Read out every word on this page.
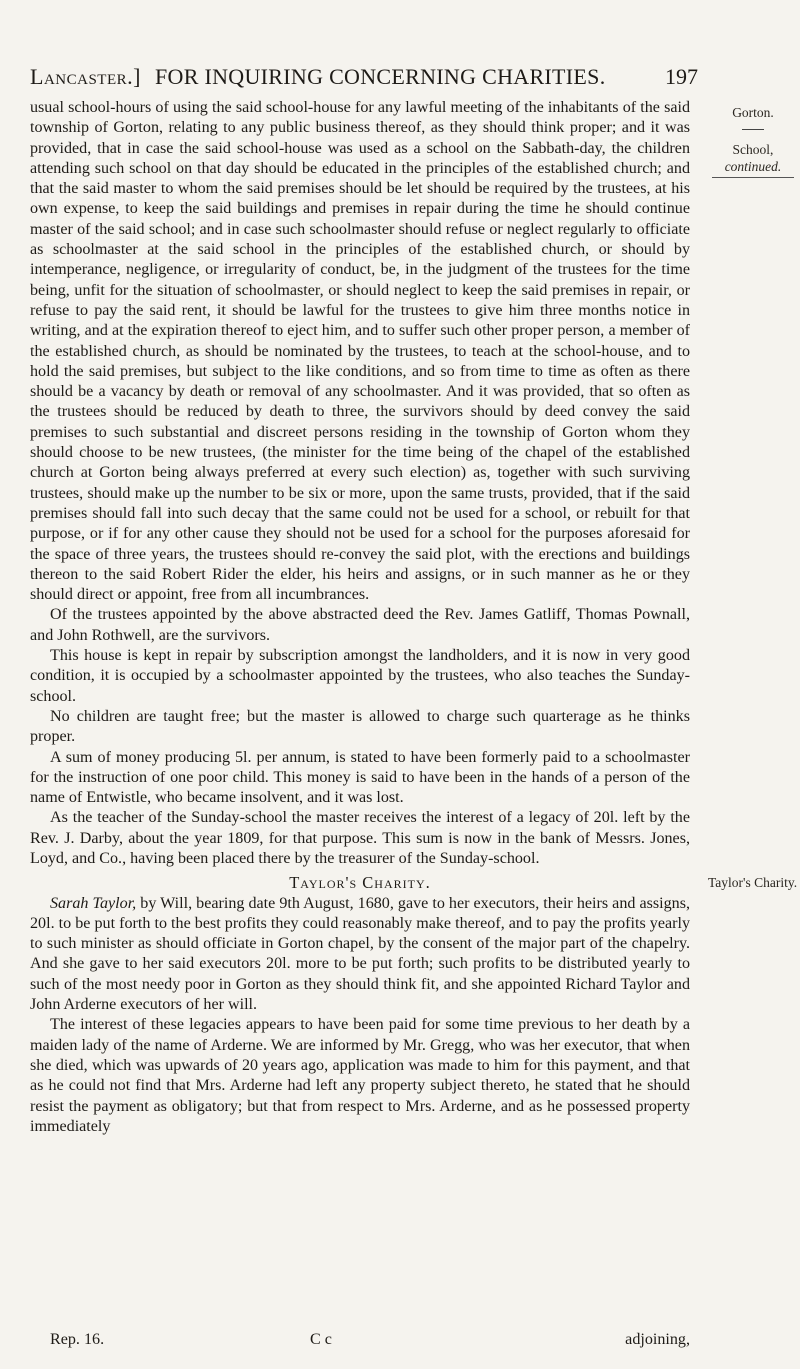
Lancaster.] FOR INQUIRING CONCERNING CHARITIES.	197
Gorton.
School,
continued.
Taylor's Charity.

usual school-hours of using the said school-house for any lawful meeting of the inhabitants of the said township of Gorton, relating to any public business thereof, as they should think proper; and it was provided, that in case the said school-house was used as a school on the Sabbath-day, the children attending such school on that day should be educated in the principles of the established church; and that the said master to whom the said premises should be let should be required by the trustees, at his own expense, to keep the said buildings and premises in repair during the time he should continue master of the said school; and in case such schoolmaster should refuse or neglect regularly to officiate as schoolmaster at the said school in the principles of the established church, or should by intemperance, negligence, or irregularity of conduct, be, in the judgment of the trustees for the time being, unfit for the situation of schoolmaster, or should neglect to keep the said premises in repair, or refuse to pay the said rent, it should be lawful for the trustees to give him three months notice in writing, and at the expiration thereof to eject him, and to suffer such other proper person, a member of the established church, as should be nominated by the trustees, to teach at the school-house, and to hold the said premises, but subject to the like conditions, and so from time to time as often as there should be a vacancy by death or removal of any schoolmaster. And it was provided, that so often as the trustees should be reduced by death to three, the survivors should by deed convey the said premises to such substantial and discreet persons residing in the township of Gorton whom they should choose to be new trustees, (the minister for the time being of the chapel of the established church at Gorton being always preferred at every such election) as, together with such surviving trustees, should make up the number to be six or more, upon the same trusts, provided, that if the said premises should fall into such decay that the same could not be used for a school, or rebuilt for that purpose, or if for any other cause they should not be used for a school for the purposes aforesaid for the space of three years, the trustees should re-convey the said plot, with the erections and buildings thereon to the said Robert Rider the elder, his heirs and assigns, or in such manner as he or they should direct or appoint, free from all incumbrances.

Of the trustees appointed by the above abstracted deed the Rev. James Gatliff, Thomas Pownall, and John Rothwell, are the survivors.

This house is kept in repair by subscription amongst the landholders, and it is now in very good condition, it is occupied by a schoolmaster appointed by the trustees, who also teaches the Sunday-school.

No children are taught free; but the master is allowed to charge such quarterage as he thinks proper.

A sum of money producing 5l. per annum, is stated to have been formerly paid to a schoolmaster for the instruction of one poor child. This money is said to have been in the hands of a person of the name of Entwistle, who became insolvent, and it was lost.

As the teacher of the Sunday-school the master receives the interest of a legacy of 20l. left by the Rev. J. Darby, about the year 1809, for that purpose. This sum is now in the bank of Messrs. Jones, Loyd, and Co., having been placed there by the treasurer of the Sunday-school.

Taylor's Charity.

Sarah Taylor, by Will, bearing date 9th August, 1680, gave to her executors, their heirs and assigns, 20l. to be put forth to the best profits they could reasonably make thereof, and to pay the profits yearly to such minister as should officiate in Gorton chapel, by the consent of the major part of the chapelry. And she gave to her said executors 20l. more to be put forth; such profits to be distributed yearly to such of the most needy poor in Gorton as they should think fit, and she appointed Richard Taylor and John Arderne executors of her will.

The interest of these legacies appears to have been paid for some time previous to her death by a maiden lady of the name of Arderne. We are informed by Mr. Gregg, who was her executor, that when she died, which was upwards of 20 years ago, application was made to him for this payment, and that as he could not find that Mrs. Arderne had left any property subject thereto, he stated that he should resist the payment as obligatory; but that from respect to Mrs. Arderne, and as he possessed property immediately

Rep. 16.	C c	adjoining,
